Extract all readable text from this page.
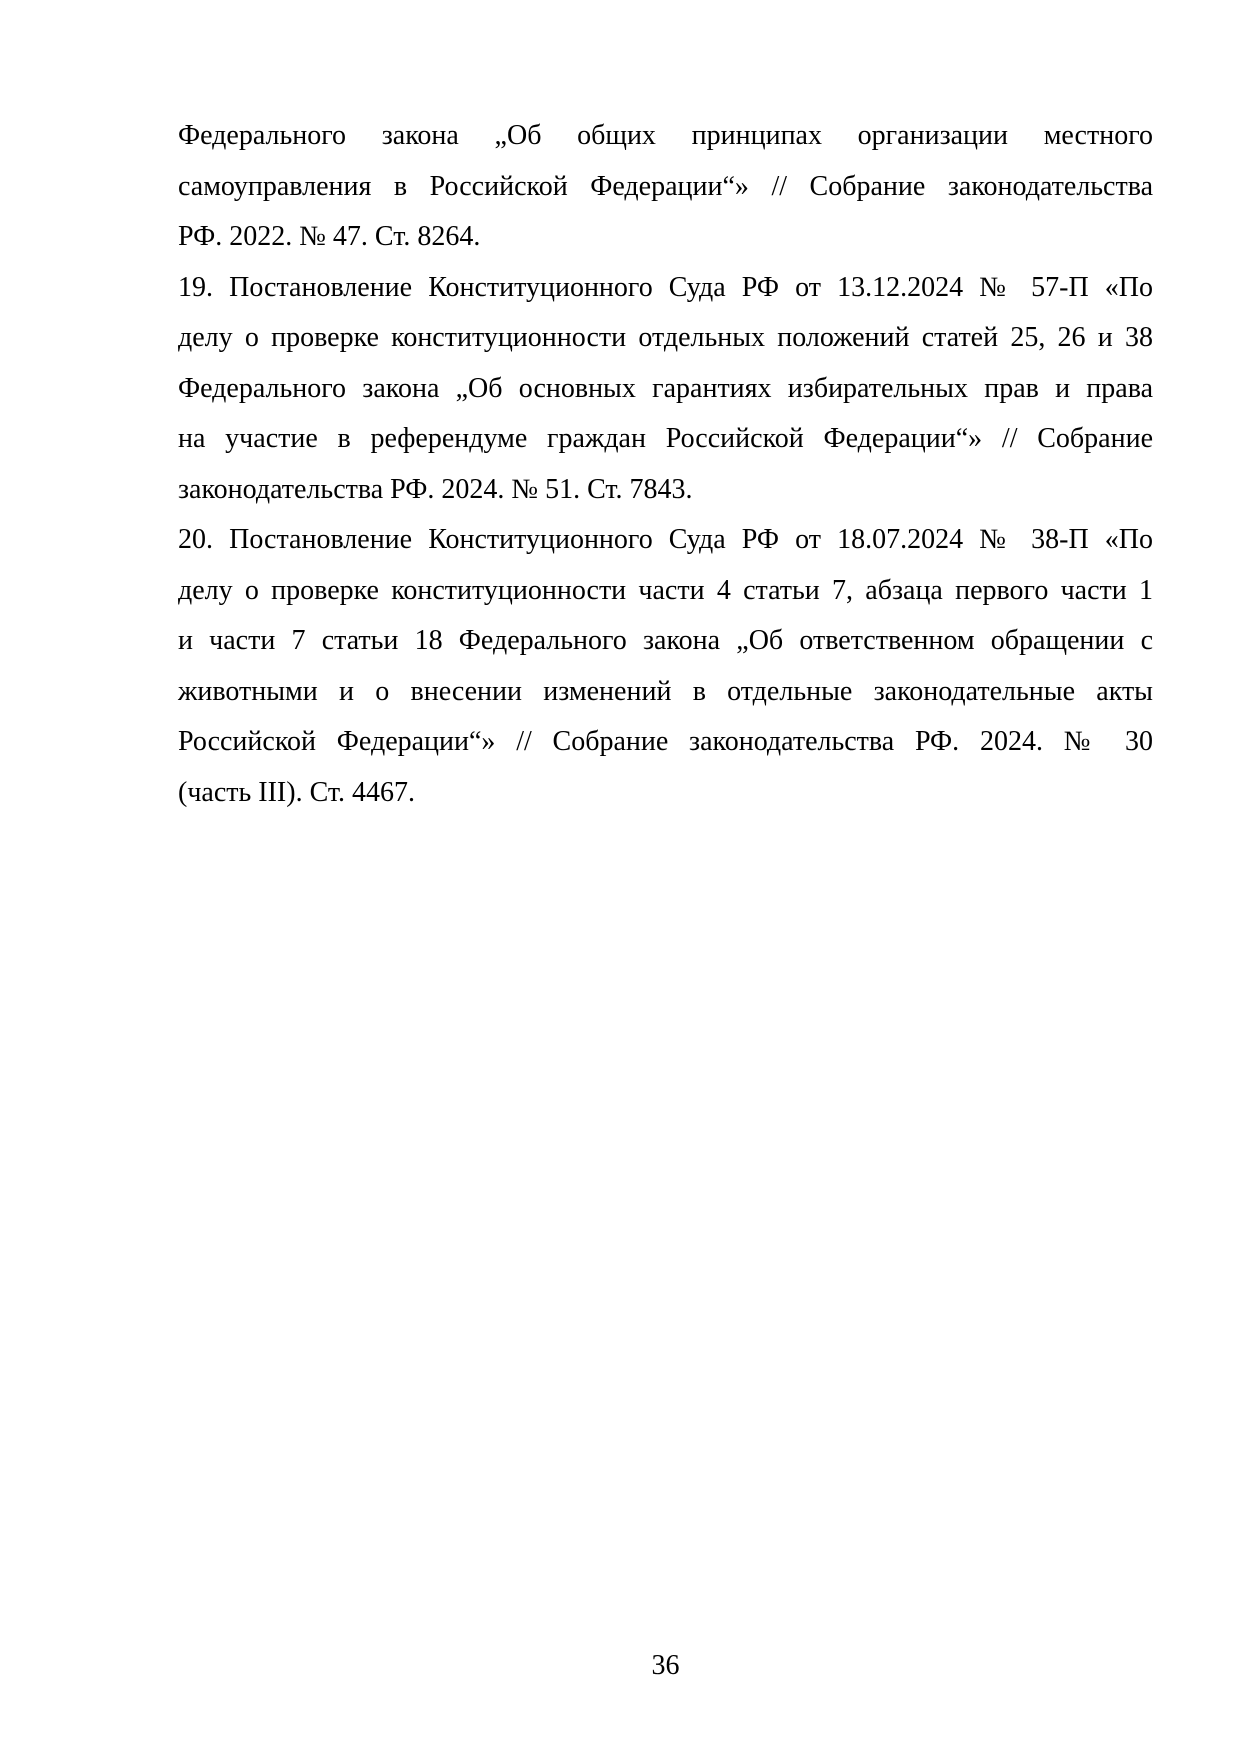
Федерального закона „Об общих принципах организации местного
самоуправления в Российской Федерации“» // Собрание законодательства
РФ. 2022. № 47. Ст. 8264.

19. Постановление Конституционного Суда РФ от 13.12.2024 № 57-П «По
делу о проверке конституционности отдельных положений статей 25, 26 и 38
Федерального закона „Об основных гарантиях избирательных прав и права
на участие в референдуме граждан Российской Федерации“» // Собрание
законодательства РФ. 2024. № 51. Ст. 7843.

20. Постановление Конституционного Суда РФ от 18.07.2024 № 38-П «По
делу о проверке конституционности части 4 статьи 7, абзаца первого части 1
и части 7 статьи 18 Федерального закона „Об ответственном обращении с
животными и о внесении изменений в отдельные законодательные акты
Российской Федерации“» // Собрание законодательства РФ. 2024. № 30
(часть III). Ст. 4467.

36
